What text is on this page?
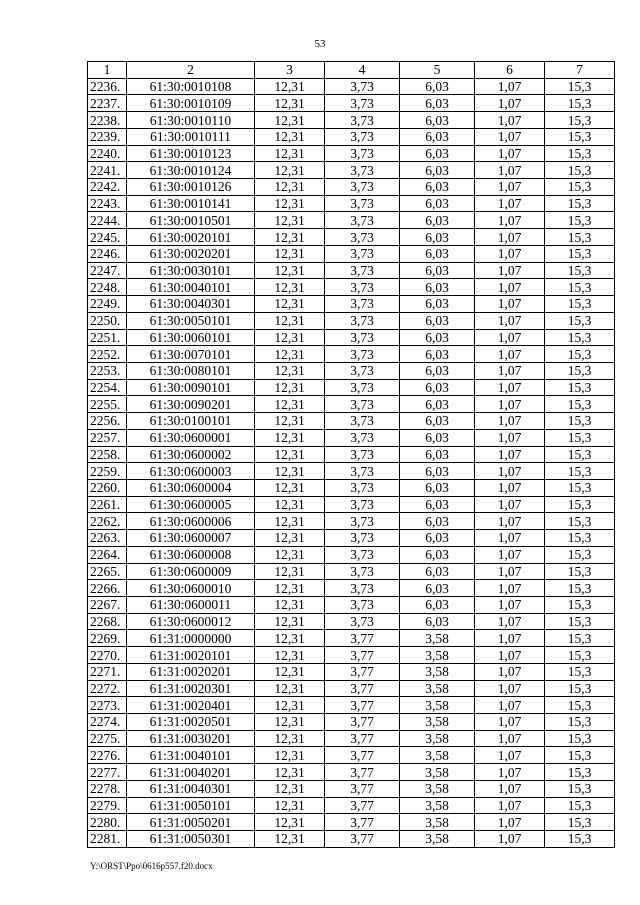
53
1	2	3	4	5	6	7
2236.	61:30:0010108	12,31	3,73	6,03	1,07	15,3
2237.	61:30:0010109	12,31	3,73	6,03	1,07	15,3
2238.	61:30:0010110	12,31	3,73	6,03	1,07	15,3
2239.	61:30:0010111	12,31	3,73	6,03	1,07	15,3
2240.	61:30:0010123	12,31	3,73	6,03	1,07	15,3
2241.	61:30:0010124	12,31	3,73	6,03	1,07	15,3
2242.	61:30:0010126	12,31	3,73	6,03	1,07	15,3
2243.	61:30:0010141	12,31	3,73	6,03	1,07	15,3
2244.	61:30:0010501	12,31	3,73	6,03	1,07	15,3
2245.	61:30:0020101	12,31	3,73	6,03	1,07	15,3
2246.	61:30:0020201	12,31	3,73	6,03	1,07	15,3
2247.	61:30:0030101	12,31	3,73	6,03	1,07	15,3
2248.	61:30:0040101	12,31	3,73	6,03	1,07	15,3
2249.	61:30:0040301	12,31	3,73	6,03	1,07	15,3
2250.	61:30:0050101	12,31	3,73	6,03	1,07	15,3
2251.	61:30:0060101	12,31	3,73	6,03	1,07	15,3
2252.	61:30:0070101	12,31	3,73	6,03	1,07	15,3
2253.	61:30:0080101	12,31	3,73	6,03	1,07	15,3
2254.	61:30:0090101	12,31	3,73	6,03	1,07	15,3
2255.	61:30:0090201	12,31	3,73	6,03	1,07	15,3
2256.	61:30:0100101	12,31	3,73	6,03	1,07	15,3
2257.	61:30:0600001	12,31	3,73	6,03	1,07	15,3
2258.	61:30:0600002	12,31	3,73	6,03	1,07	15,3
2259.	61:30:0600003	12,31	3,73	6,03	1,07	15,3
2260.	61:30:0600004	12,31	3,73	6,03	1,07	15,3
2261.	61:30:0600005	12,31	3,73	6,03	1,07	15,3
2262.	61:30:0600006	12,31	3,73	6,03	1,07	15,3
2263.	61:30:0600007	12,31	3,73	6,03	1,07	15,3
2264.	61:30:0600008	12,31	3,73	6,03	1,07	15,3
2265.	61:30:0600009	12,31	3,73	6,03	1,07	15,3
2266.	61:30:0600010	12,31	3,73	6,03	1,07	15,3
2267.	61:30:0600011	12,31	3,73	6,03	1,07	15,3
2268.	61:30:0600012	12,31	3,73	6,03	1,07	15,3
2269.	61:31:0000000	12,31	3,77	3,58	1,07	15,3
2270.	61:31:0020101	12,31	3,77	3,58	1,07	15,3
2271.	61:31:0020201	12,31	3,77	3,58	1,07	15,3
2272.	61:31:0020301	12,31	3,77	3,58	1,07	15,3
2273.	61:31:0020401	12,31	3,77	3,58	1,07	15,3
2274.	61:31:0020501	12,31	3,77	3,58	1,07	15,3
2275.	61:31:0030201	12,31	3,77	3,58	1,07	15,3
2276.	61:31:0040101	12,31	3,77	3,58	1,07	15,3
2277.	61:31:0040201	12,31	3,77	3,58	1,07	15,3
2278.	61:31:0040301	12,31	3,77	3,58	1,07	15,3
2279.	61:31:0050101	12,31	3,77	3,58	1,07	15,3
2280.	61:31:0050201	12,31	3,77	3,58	1,07	15,3
2281.	61:31:0050301	12,31	3,77	3,58	1,07	15,3
Y:\ORST\Ppo\0616p557.f20.docx
